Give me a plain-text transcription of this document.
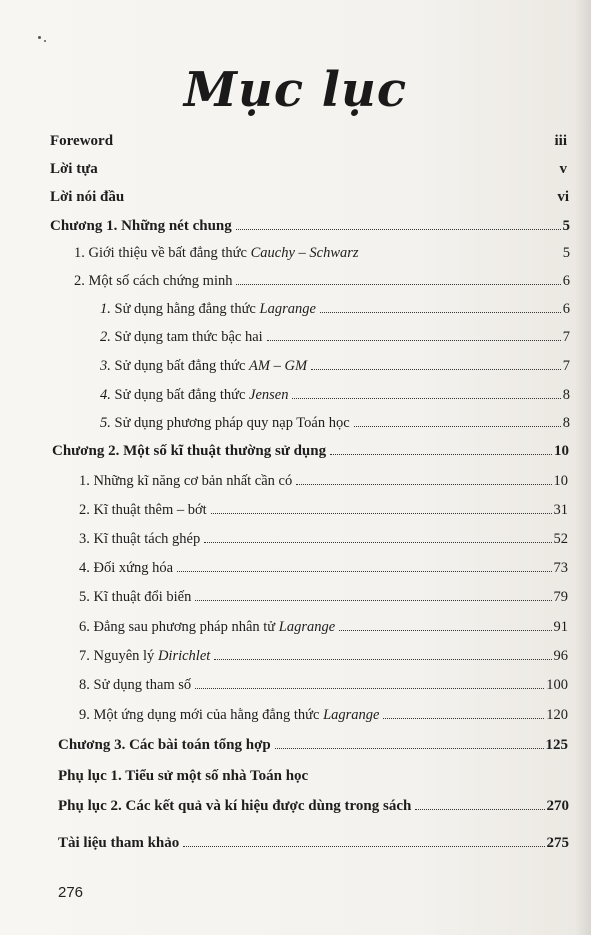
Mục lục
Foreword	iii
Lời tựa	v
Lời nói đầu	vi
Chương 1. Những nét chung	5
1. Giới thiệu về bất đẳng thức Cauchy – Schwarz	5
2. Một số cách chứng minh	6
1. Sử dụng hằng đẳng thức Lagrange	6
2. Sử dụng tam thức bậc hai	7
3. Sử dụng bất đẳng thức AM – GM	7
4. Sử dụng bất đẳng thức Jensen	8
5. Sử dụng phương pháp quy nạp Toán học	8
Chương 2. Một số kĩ thuật thường sử dụng	10
1. Những kĩ năng cơ bản nhất cần có	10
2. Kĩ thuật thêm – bớt	31
3. Kĩ thuật tách ghép	52
4. Đối xứng hóa	73
5. Kĩ thuật đổi biến	79
6. Đẳng sau phương pháp nhân tử Lagrange	91
7. Nguyên lý Dirichlet	96
8. Sử dụng tham số	100
9. Một ứng dụng mới của hằng đẳng thức Lagrange	120
Chương 3. Các bài toán tổng hợp	125
Phụ lục 1. Tiểu sử một số nhà Toán học
Phụ lục 2. Các kết quả và kí hiệu được dùng trong sách	270
Tài liệu tham khảo	275
276
